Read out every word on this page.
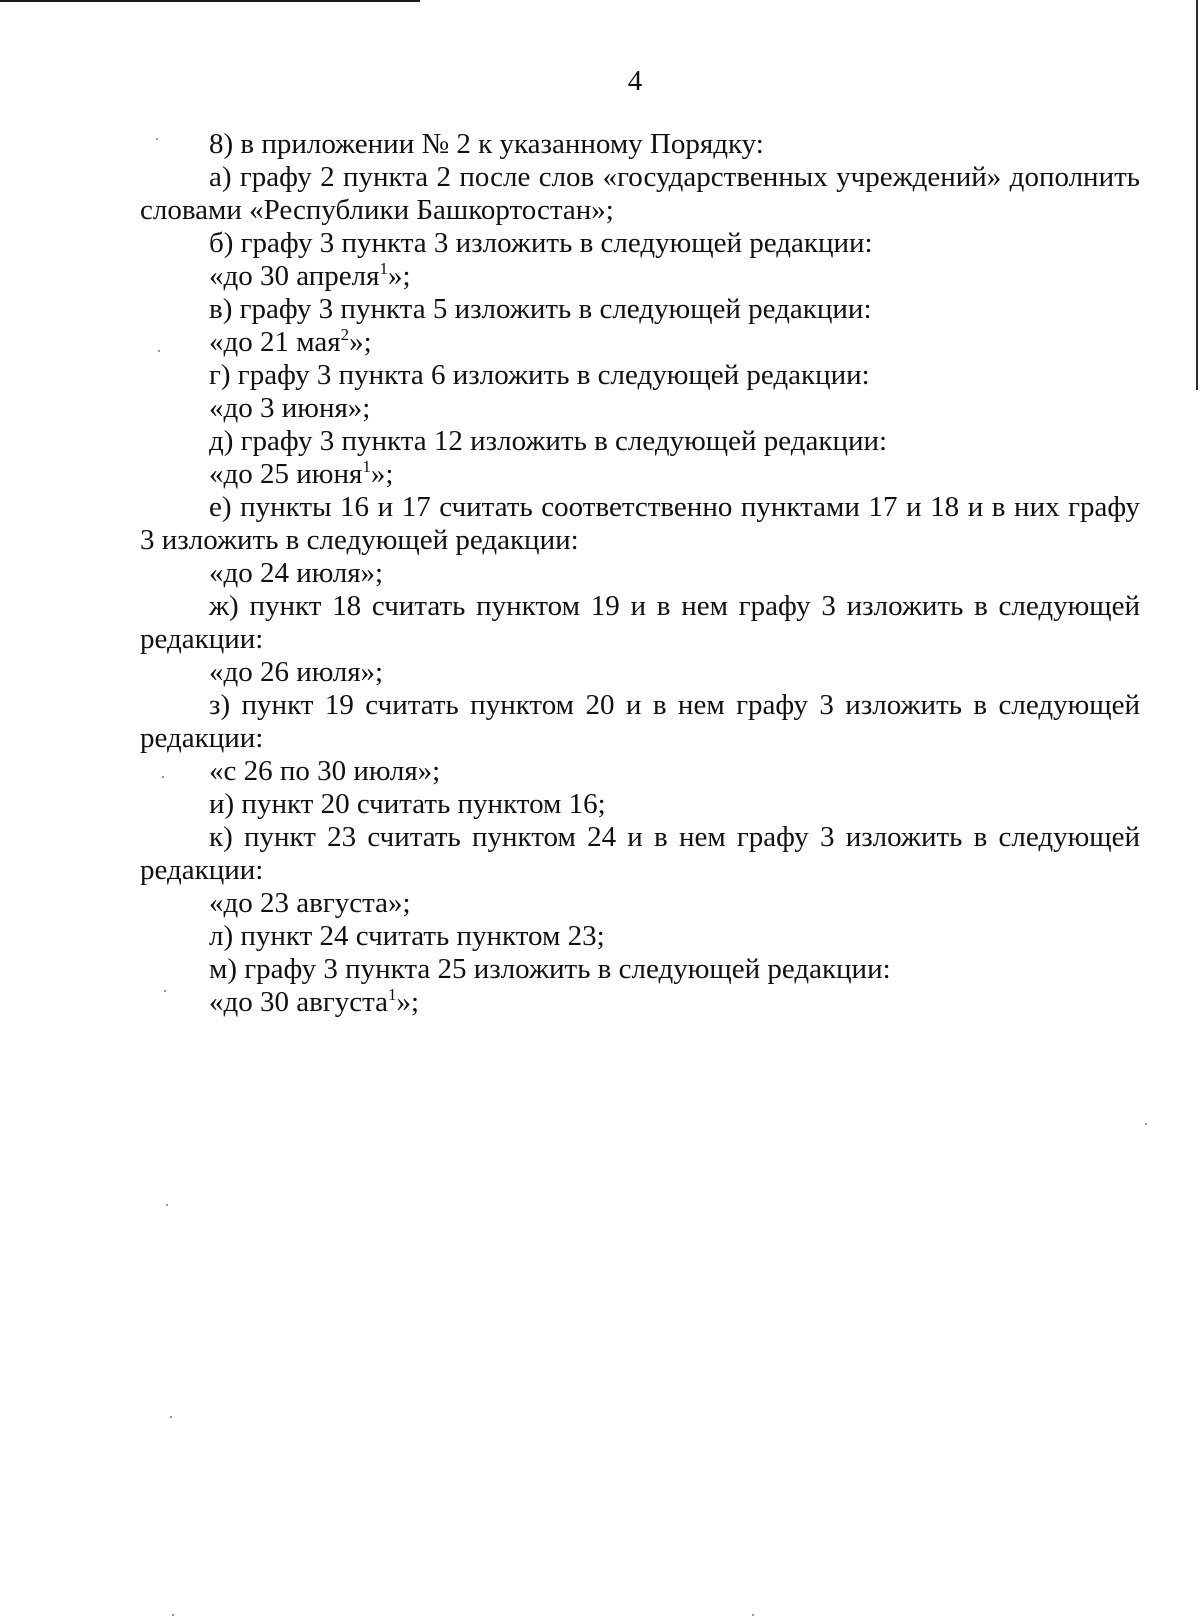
4

8) в приложении № 2 к указанному Порядку:

а) графу 2 пункта 2 после слов «государственных учреждений» дополнить словами «Республики Башкортостан»;

б) графу 3 пункта 3 изложить в следующей редакции:

«до 30 апреля$^1$»;

в) графу 3 пункта 5 изложить в следующей редакции:

«до 21 мая$^2$»;

г) графу 3 пункта 6 изложить в следующей редакции:

«до 3 июня»;

д) графу 3 пункта 12 изложить в следующей редакции:

«до 25 июня$^1$»;

е) пункты 16 и 17 считать соответственно пунктами 17 и 18 и в них графу 3 изложить в следующей редакции:

«до 24 июля»;

ж) пункт 18 считать пунктом 19 и в нем графу 3 изложить в следующей редакции:

«до 26 июля»;

з) пункт 19 считать пунктом 20 и в нем графу 3 изложить в следующей редакции:

«с 26 по 30 июля»;

и) пункт 20 считать пунктом 16;

к) пункт 23 считать пунктом 24 и в нем графу 3 изложить в следующей редакции:

«до 23 августа»;

л) пункт 24 считать пунктом 23;

м) графу 3 пункта 25 изложить в следующей редакции:

«до 30 августа$^1$»;
